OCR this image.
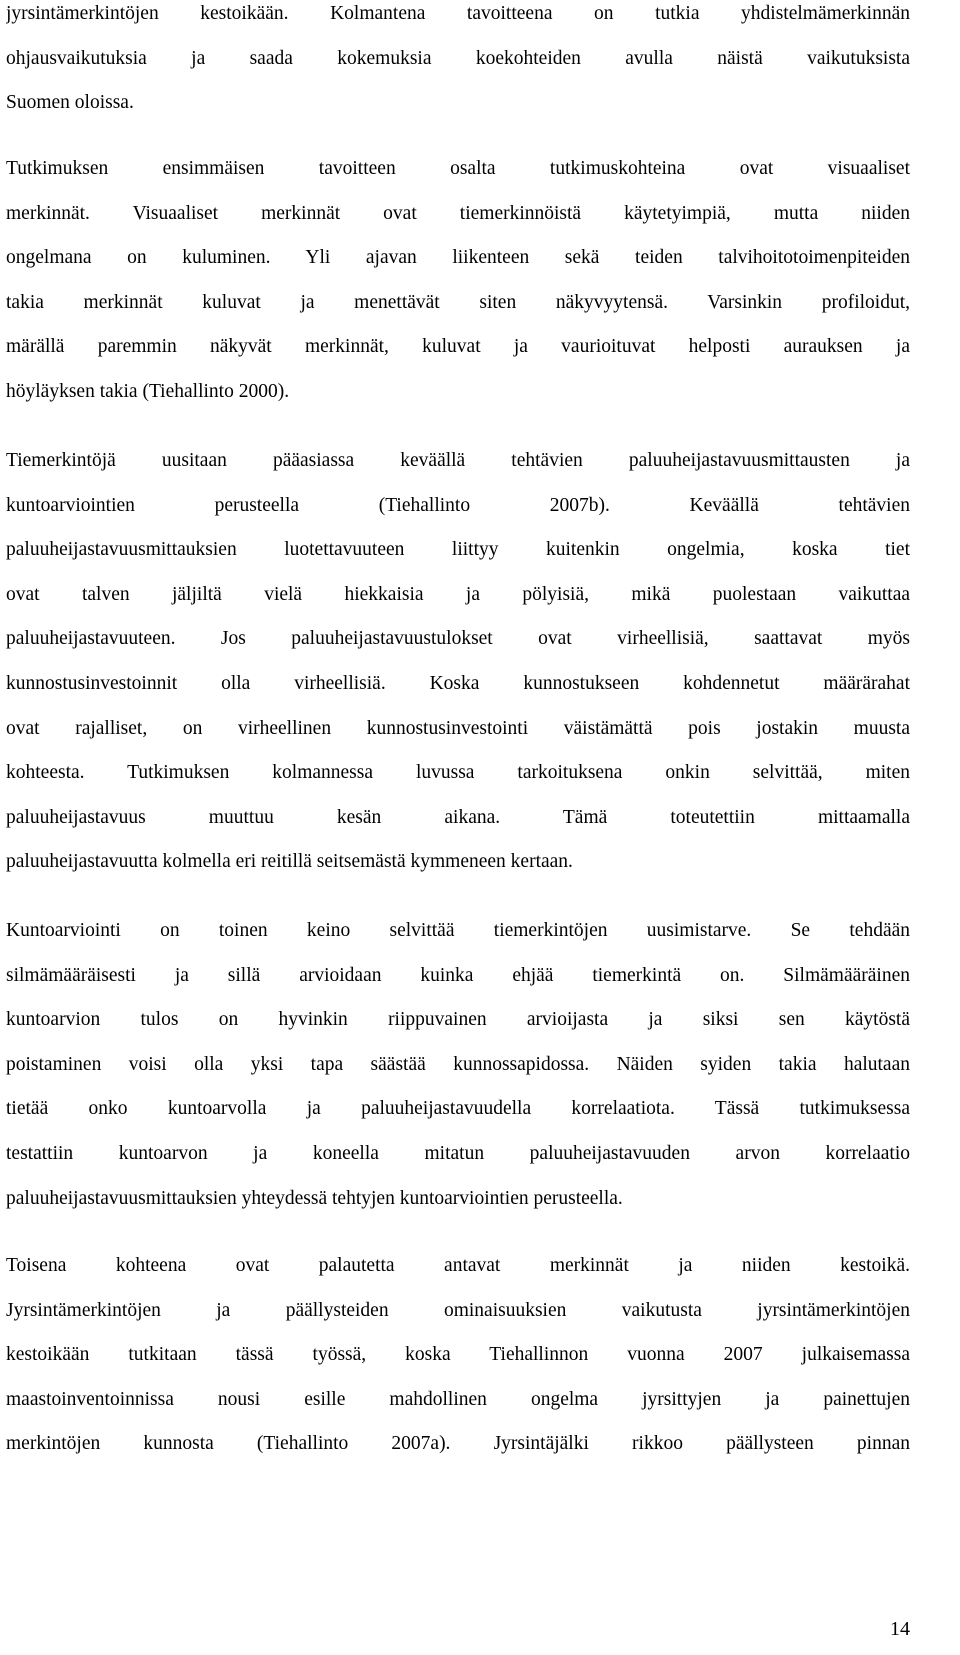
jyrsintämerkintöjen kestoikään. Kolmantena tavoitteena on tutkia yhdistelmämerkinnän
ohjausvaikutuksia ja saada kokemuksia koekohteiden avulla näistä vaikutuksista
Suomen oloissa.
Tutkimuksen ensimmäisen tavoitteen osalta tutkimuskohteina ovat visuaaliset
merkinnät. Visuaaliset merkinnät ovat tiemerkinnöistä käytetyimpiä, mutta niiden
ongelmana on kuluminen. Yli ajavan liikenteen sekä teiden talvihoitotoimenpiteiden
takia merkinnät kuluvat ja menettävät siten näkyvyytensä. Varsinkin profiloidut,
märällä paremmin näkyvät merkinnät, kuluvat ja vaurioituvat helposti aurauksen ja
höyläyksen takia (Tiehallinto 2000).
Tiemerkintöjä uusitaan pääasiassa keväällä tehtävien paluuheijastavuusmittausten ja
kuntoarviointien perusteella (Tiehallinto 2007b). Keväällä tehtävien
paluuheijastavuusmittauksien luotettavuuteen liittyy kuitenkin ongelmia, koska tiet
ovat talven jäljiltä vielä hiekkaisia ja pölyisiä, mikä puolestaan vaikuttaa
paluuheijastavuuteen. Jos paluuheijastavuustulokset ovat virheellisiä, saattavat myös
kunnostusinvestoinnit olla virheellisiä. Koska kunnostukseen kohdennetut määrärahat
ovat rajalliset, on virheellinen kunnostusinvestointi väistämättä pois jostakin muusta
kohteesta. Tutkimuksen kolmannessa luvussa tarkoituksena onkin selvittää, miten
paluuheijastavuus muuttuu kesän aikana. Tämä toteutettiin mittaamalla
paluuheijastavuutta kolmella eri reitillä seitsemästä kymmeneen kertaan.
Kuntoarviointi on toinen keino selvittää tiemerkintöjen uusimistarve. Se tehdään
silmämääräisesti ja sillä arvioidaan kuinka ehjää tiemerkintä on. Silmämääräinen
kuntoarvion tulos on hyvinkin riippuvainen arvioijasta ja siksi sen käytöstä
poistaminen voisi olla yksi tapa säästää kunnossapidossa. Näiden syiden takia halutaan
tietää onko kuntoarvolla ja paluuheijastavuudella korrelaatiota. Tässä tutkimuksessa
testattiin kuntoarvon ja koneella mitatun paluuheijastavuuden arvon korrelaatio
paluuheijastavuusmittauksien yhteydessä tehtyjen kuntoarviointien perusteella.
Toisena kohteena ovat palautetta antavat merkinnät ja niiden kestoikä.
Jyrsintämerkintöjen ja päällysteiden ominaisuuksien vaikutusta jyrsintämerkintöjen
kestoikään tutkitaan tässä työssä, koska Tiehallinnon vuonna 2007 julkaisemassa
maastoinventoinnissa nousi esille mahdollinen ongelma jyrsittyjen ja painettujen
merkintöjen kunnosta (Tiehallinto 2007a). Jyrsintäjälki rikkoo päällysteen pinnan
14
